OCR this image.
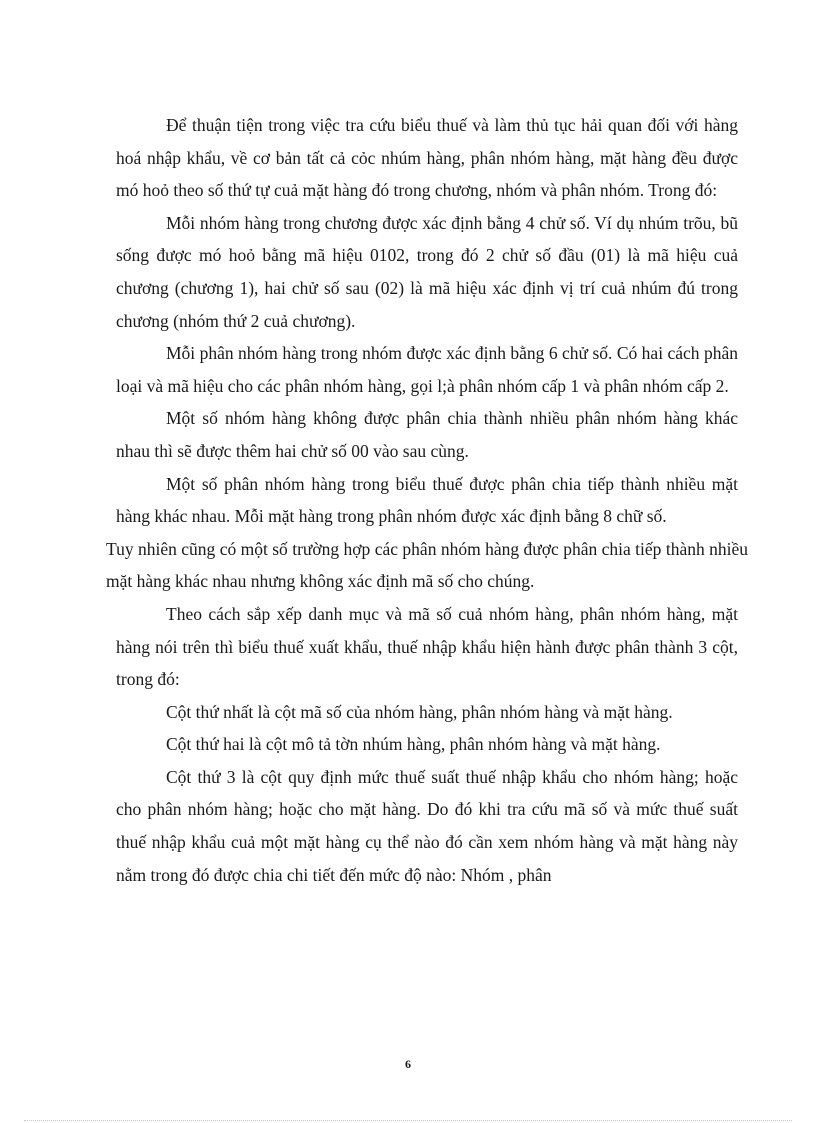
Để thuận tiện trong việc tra cứu biểu thuế và làm thủ tục hải quan đối với hàng hoá nhập khẩu, về cơ bản tất cả cỏc nhúm hàng, phân nhóm hàng, mặt hàng đều được mó hoỏ theo số thứ tự cuả mặt hàng đó trong chương, nhóm và phân nhóm. Trong đó:

Mỗi nhóm hàng trong chương được xác định bằng 4 chử số. Ví dụ nhúm trõu, bũ sống được mó hoỏ bằng mã hiệu 0102, trong đó 2 chử số đầu (01) là mã hiệu cuả chương (chương 1), hai chử số sau (02) là mã hiệu xác định vị trí cuả nhúm đú trong chương (nhóm thứ 2 cuả chương).

Mỗi phân nhóm hàng trong nhóm được xác định bằng 6 chử số. Có hai cách phân loại và mã hiệu cho các phân nhóm hàng, gọi l;à phân nhóm cấp 1 và phân nhóm cấp 2.

Một số nhóm hàng không được phân chia thành nhiều phân nhóm hàng khác nhau thì sẽ được thêm hai chử số 00 vào sau cùng.

Một số phân nhóm hàng trong biểu thuế được phân chia tiếp thành nhiều mặt hàng khác nhau. Mỗi mặt hàng trong phân nhóm được xác định bằng 8 chữ số.

Tuy nhiên cũng có một số trường hợp các phân nhóm hàng được phân chia tiếp thành nhiều mặt hàng khác nhau nhưng không xác định mã số cho chúng.

Theo cách sắp xếp danh mục và mã số cuả nhóm hàng, phân nhóm hàng, mặt hàng nói trên thì biểu thuế xuất khẩu, thuế nhập khẩu hiện hành được phân thành 3 cột, trong đó:

Cột thứ nhất là cột mã số của nhóm hàng, phân nhóm hàng và mặt hàng.

Cột thứ hai là cột mô tả tờn nhúm hàng, phân nhóm hàng và mặt hàng.

Cột thứ 3 là cột quy định mức thuế suất thuế nhập khẩu cho nhóm hàng; hoặc cho phân nhóm hàng; hoặc cho mặt hàng. Do đó khi tra cứu mã số và mức thuế suất thuế nhập khẩu cuả một mặt hàng cụ thể nào đó cần xem nhóm hàng và mặt hàng này nằm trong đó được chia chi tiết đến mức độ nào: Nhóm , phân

6
